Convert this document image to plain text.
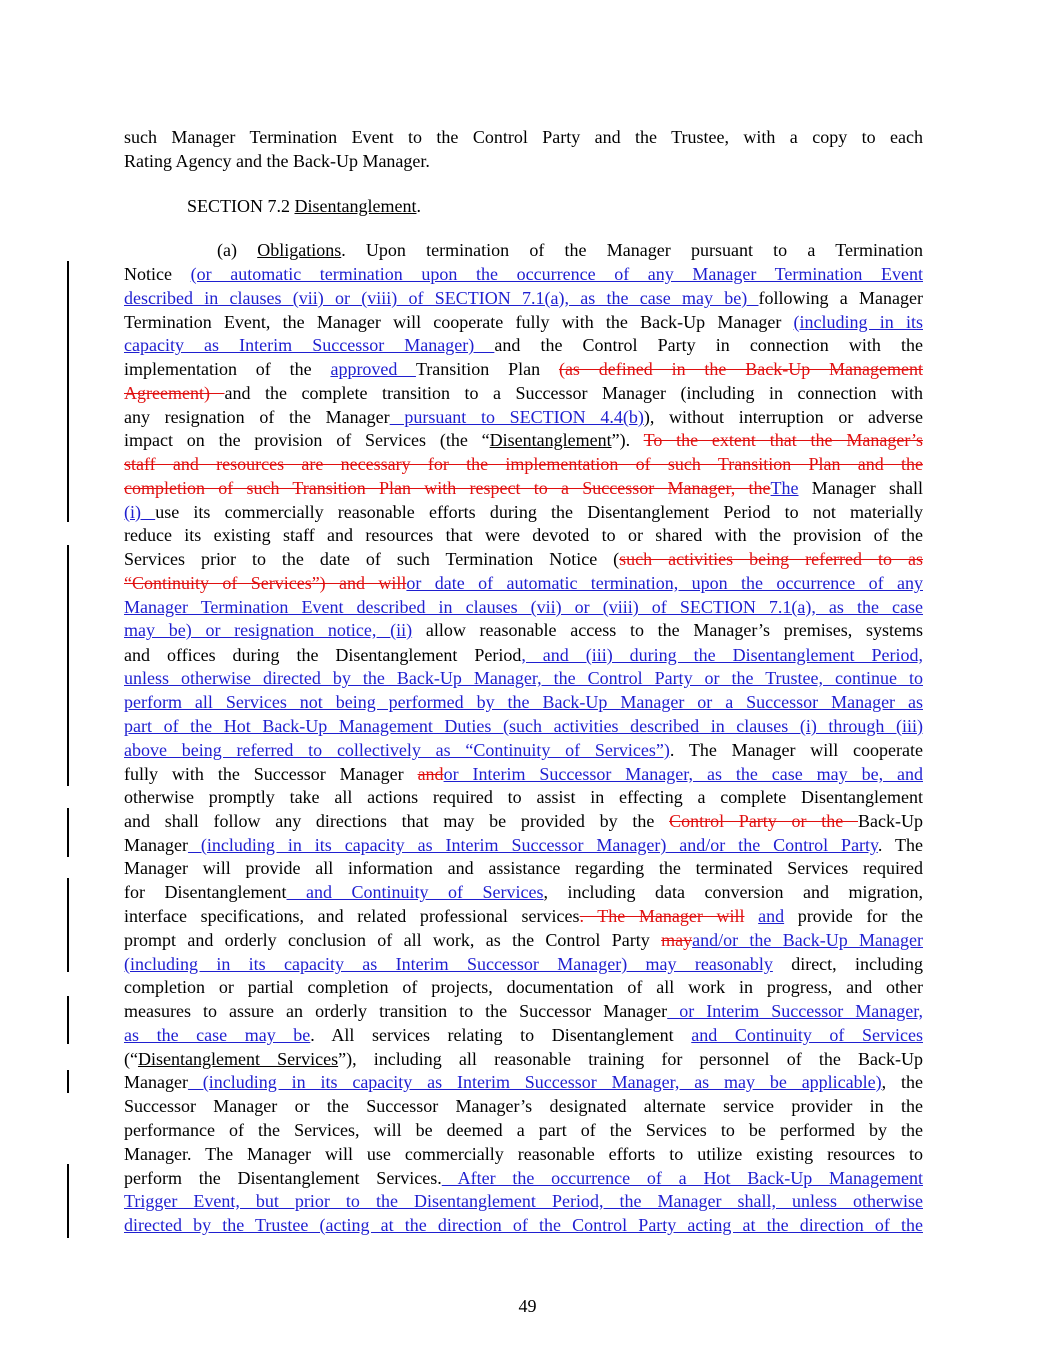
such Manager Termination Event to the Control Party and the Trustee, with a copy to each
Rating Agency and the Back-Up Manager.
SECTION 7.2 Disentanglement.
(a) Obligations. Upon termination of the Manager pursuant to a Termination
Notice (or automatic termination upon the occurrence of any Manager Termination Event
described in clauses (vii) or (viii) of SECTION 7.1(a), as the case may be) following a Manager
Termination Event, the Manager will cooperate fully with the Back-Up Manager (including in its
capacity as Interim Successor Manager) and the Control Party in connection with the
implementation of the approved Transition Plan (as defined in the Back-Up Management
Agreement) and the complete transition to a Successor Manager (including in connection with
any resignation of the Manager pursuant to SECTION 4.4(b)), without interruption or adverse
impact on the provision of Services (the “Disentanglement”). To the extent that the Manager’s
staff and resources are necessary for the implementation of such Transition Plan and the
completion of such Transition Plan with respect to a Successor Manager, theThe Manager shall
(i) use its commercially reasonable efforts during the Disentanglement Period to not materially
reduce its existing staff and resources that were devoted to or shared with the provision of the
Services prior to the date of such Termination Notice (such activities being referred to as
“Continuity of Services”) and willor date of automatic termination, upon the occurrence of any
Manager Termination Event described in clauses (vii) or (viii) of SECTION 7.1(a), as the case
may be) or resignation notice, (ii) allow reasonable access to the Manager’s premises, systems
and offices during the Disentanglement Period, and (iii) during the Disentanglement Period,
unless otherwise directed by the Back-Up Manager, the Control Party or the Trustee, continue to
perform all Services not being performed by the Back-Up Manager or a Successor Manager as
part of the Hot Back-Up Management Duties (such activities described in clauses (i) through (iii)
above being referred to collectively as “Continuity of Services”). The Manager will cooperate
fully with the Successor Manager andor Interim Successor Manager, as the case may be, and
otherwise promptly take all actions required to assist in effecting a complete Disentanglement
and shall follow any directions that may be provided by the Control Party or the Back-Up
Manager (including in its capacity as Interim Successor Manager) and/or the Control Party. The
Manager will provide all information and assistance regarding the terminated Services required
for Disentanglement and Continuity of Services, including data conversion and migration,
interface specifications, and related professional services. The Manager will and provide for the
prompt and orderly conclusion of all work, as the Control Party mayand/or the Back-Up Manager
(including in its capacity as Interim Successor Manager) may reasonably direct, including
completion or partial completion of projects, documentation of all work in progress, and other
measures to assure an orderly transition to the Successor Manager or Interim Successor Manager,
as the case may be. All services relating to Disentanglement and Continuity of Services
(“Disentanglement Services”), including all reasonable training for personnel of the Back-Up
Manager (including in its capacity as Interim Successor Manager, as may be applicable), the
Successor Manager or the Successor Manager’s designated alternate service provider in the
performance of the Services, will be deemed a part of the Services to be performed by the
Manager. The Manager will use commercially reasonable efforts to utilize existing resources to
perform the Disentanglement Services. After the occurrence of a Hot Back-Up Management
Trigger Event, but prior to the Disentanglement Period, the Manager shall, unless otherwise
directed by the Trustee (acting at the direction of the Control Party acting at the direction of the
49
